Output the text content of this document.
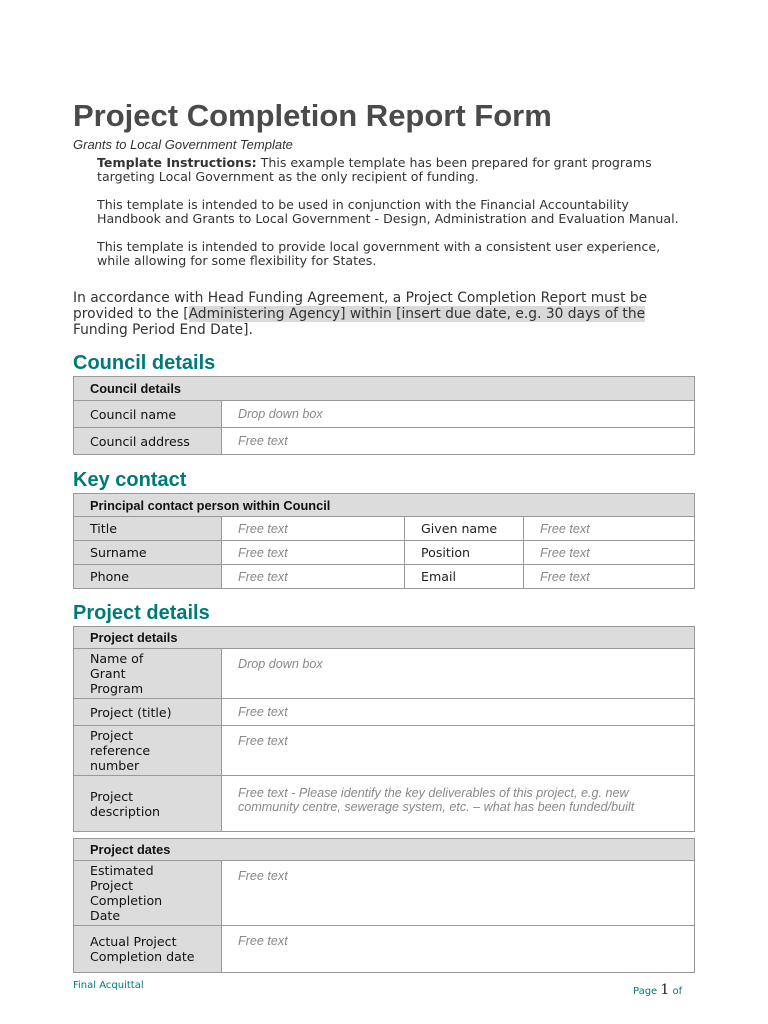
Project Completion Report Form
Grants to Local Government Template

Template Instructions: This example template has been prepared for grant programs targeting Local Government as the only recipient of funding.

This template is intended to be used in conjunction with the Financial Accountability Handbook and Grants to Local Government - Design, Administration and Evaluation Manual.

This template is intended to provide local government with a consistent user experience, while allowing for some flexibility for States.

In accordance with Head Funding Agreement, a Project Completion Report must be provided to the [Administering Agency] within [insert due date, e.g. 30 days of the Funding Period End Date].
Council details
Council details	
Council name	Drop down box
Council address	Free text
Key contact
Principal contact person within Council			
Title	Free text	Given name	Free text
Surname	Free text	Position	Free text
Phone	Free text	Email	Free text
Project details
Project details	
Name of Grant Program	Drop down box
Project (title)	Free text
Project reference number	Free text
Project description	Free text - Please identify the key deliverables of this project, e.g. new community centre, sewerage system, etc. – what has been funded/built
Project dates	
Estimated Project Completion Date	Free text
Actual Project Completion date	Free text
Final Acquittal
Page 1 of
